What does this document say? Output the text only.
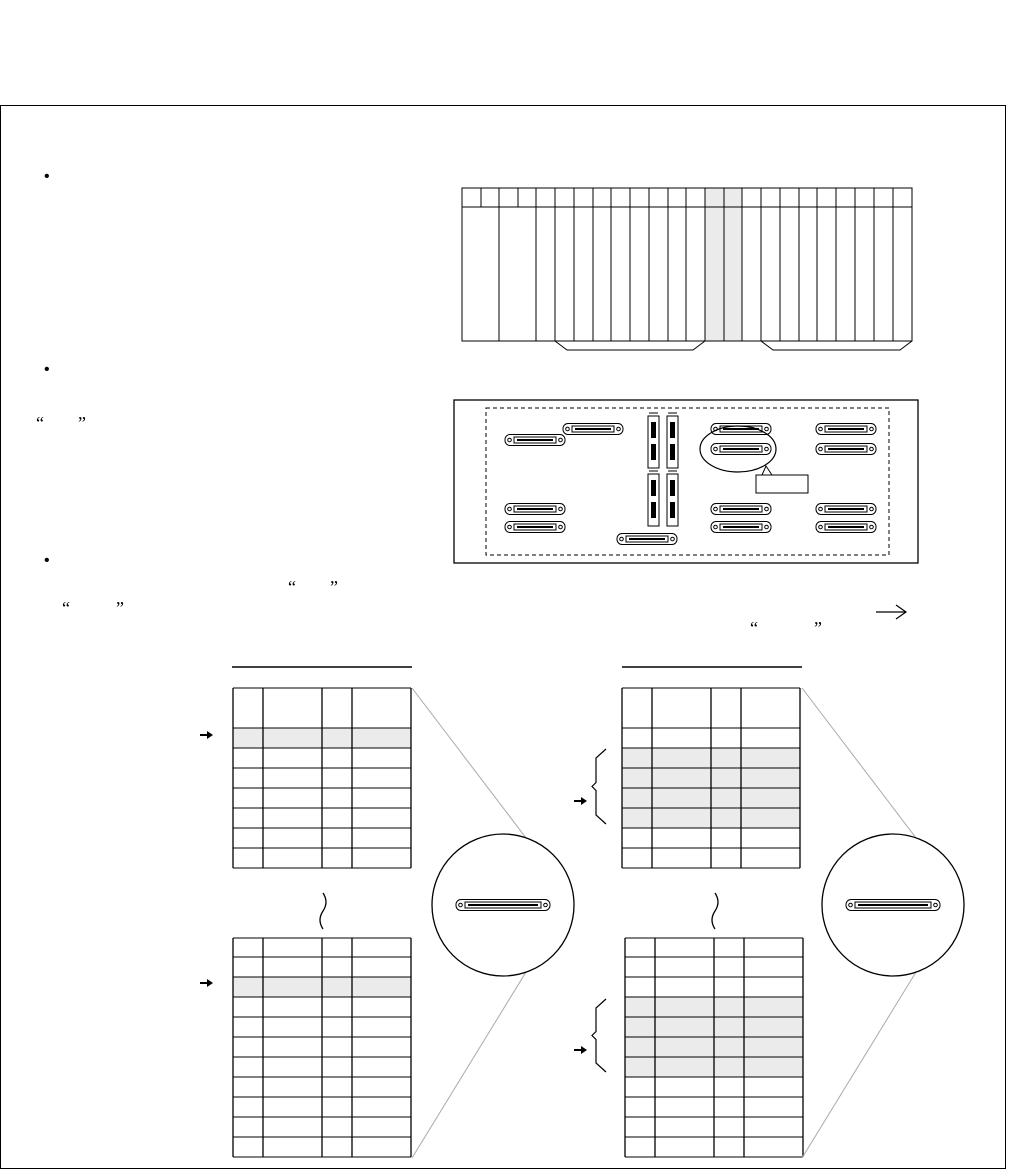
•
•
•
“ ”
“ ”
“	”
“	”
